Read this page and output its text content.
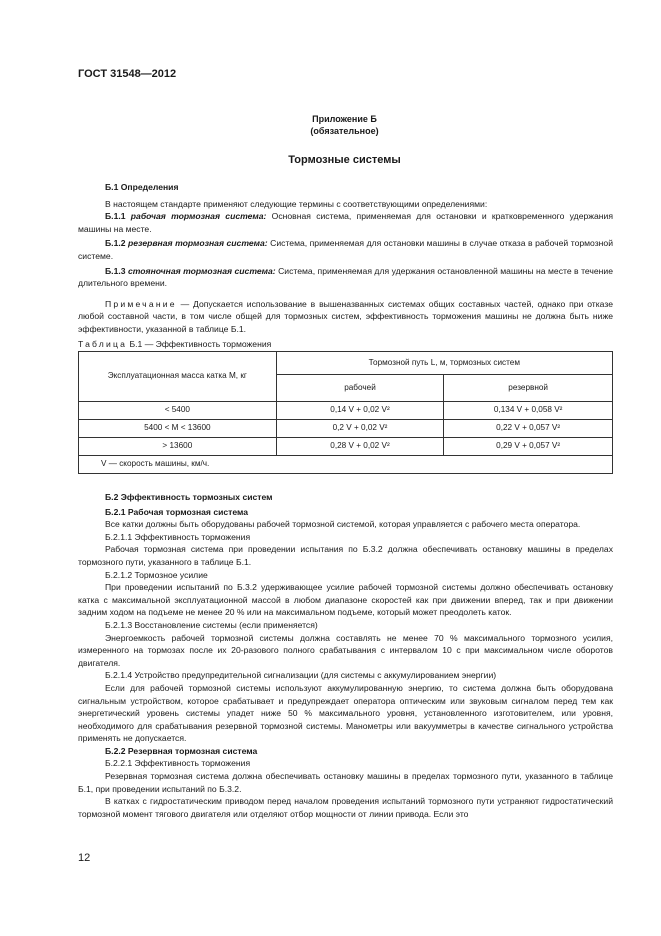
ГОСТ 31548—2012
Приложение Б
(обязательное)
Тормозные системы

Б.1 Определения

В настоящем стандарте применяют следующие термины с соответствующими определениями:

Б.1.1 рабочая тормозная система: Основная система, применяемая для остановки и кратковременного удержания машины на месте.

Б.1.2 резервная тормозная система: Система, применяемая для остановки машины в случае отказа в рабочей тормозной системе.

Б.1.3 стояночная тормозная система: Система, применяемая для удержания остановленной машины на месте в течение длительного времени.

Примечание — Допускается использование в вышеназванных системах общих составных частей, однако при отказе любой составной части, в том числе общей для тормозных систем, эффективность торможения машины не должна быть ниже эффективности, указанной в таблице Б.1.

Таблица Б.1 — Эффективность торможения
Эксплуатационная масса катка M, кг	Тормозной путь L, м, тормозных систем	
	рабочей	резервной
< 5400	0,14 V + 0,02 V²	0,134 V + 0,058 V²
5400 < M < 13600	0,2 V + 0,02 V²	0,22 V + 0,057 V²
> 13600	0,28 V + 0,02 V²	0,29 V + 0,057 V²
V — скорость машины, км/ч.		

Б.2 Эффективность тормозных систем

Б.2.1 Рабочая тормозная система

Все катки должны быть оборудованы рабочей тормозной системой, которая управляется с рабочего места оператора.

Б.2.1.1 Эффективность торможения

Рабочая тормозная система при проведении испытания по Б.3.2 должна обеспечивать остановку машины в пределах тормозного пути, указанного в таблице Б.1.

Б.2.1.2 Тормозное усилие

При проведении испытаний по Б.3.2 удерживающее усилие рабочей тормозной системы должно обеспечивать остановку катка с максимальной эксплуатационной массой в любом диапазоне скоростей как при движении вперед, так и при движении задним ходом на подъеме не менее 20 % или на максимальном подъеме, который может преодолеть каток.

Б.2.1.3 Восстановление системы (если применяется)

Энергоемкость рабочей тормозной системы должна составлять не менее 70 % максимального тормозного усилия, измеренного на тормозах после их 20-разового полного срабатывания с интервалом 10 с при максимальном числе оборотов двигателя.

Б.2.1.4 Устройство предупредительной сигнализации (для системы с аккумулированием энергии)

Если для рабочей тормозной системы используют аккумулированную энергию, то система должна быть оборудована сигнальным устройством, которое срабатывает и предупреждает оператора оптическим или звуковым сигналом перед тем как энергетический уровень системы упадет ниже 50 % максимального уровня, установленного изготовителем, или уровня, необходимого для срабатывания резервной тормозной системы. Манометры или вакуумметры в качестве сигнального устройства применять не допускается.

Б.2.2 Резервная тормозная система

Б.2.2.1 Эффективность торможения

Резервная тормозная система должна обеспечивать остановку машины в пределах тормозного пути, указанного в таблице Б.1, при проведении испытаний по Б.3.2.

В катках с гидростатическим приводом перед началом проведения испытаний тормозного пути устраняют гидростатический тормозной момент тягового двигателя или отделяют отбор мощности от линии привода. Если это

12
